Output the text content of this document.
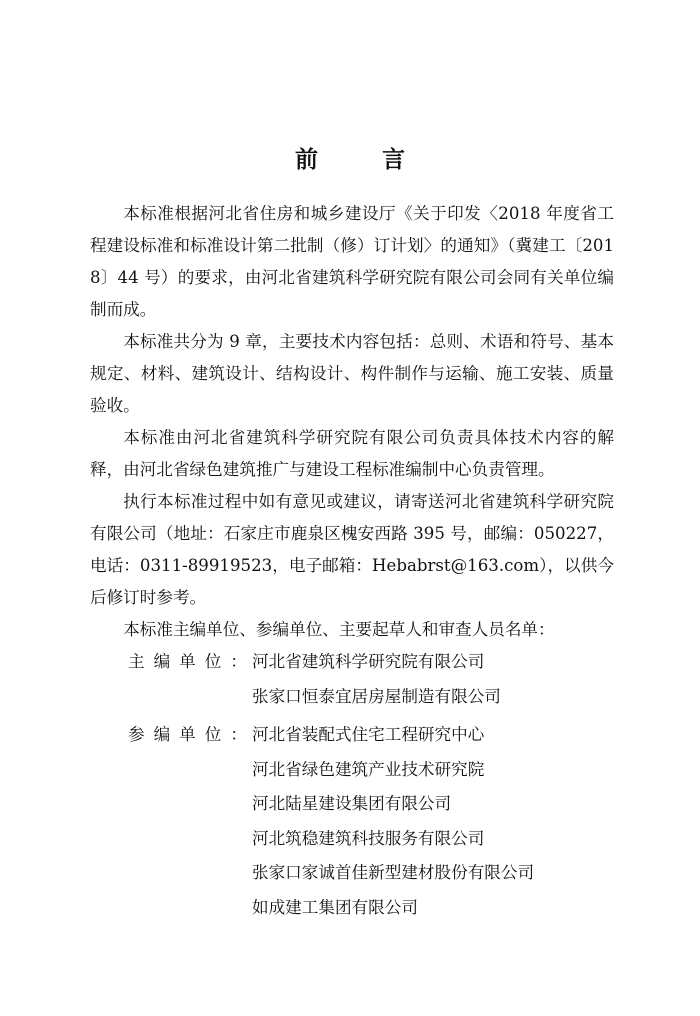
前 言

本标准根据河北省住房和城乡建设厅《关于印发〈2018 年度省工程建设标准和标准设计第二批制（修）订计划〉的通知》（冀建工〔2018〕44 号）的要求，由河北省建筑科学研究院有限公司会同有关单位编制而成。

本标准共分为 9 章，主要技术内容包括：总则、术语和符号、基本规定、材料、建筑设计、结构设计、构件制作与运输、施工安装、质量验收。

本标准由河北省建筑科学研究院有限公司负责具体技术内容的解释，由河北省绿色建筑推广与建设工程标准编制中心负责管理。

执行本标准过程中如有意见或建议，请寄送河北省建筑科学研究院有限公司（地址：石家庄市鹿泉区槐安西路 395 号，邮编：050227，电话：0311-89919523，电子邮箱：Hebabrst@163.com），以供今后修订时参考。

本标准主编单位、参编单位、主要起草人和审查人员名单：

主编单位：
河北省建筑科学研究院有限公司
张家口恒泰宜居房屋制造有限公司
参编单位：
河北省装配式住宅工程研究中心
河北省绿色建筑产业技术研究院
河北陆星建设集团有限公司
河北筑稳建筑科技服务有限公司
张家口家诚首佳新型建材股份有限公司
如成建工集团有限公司
